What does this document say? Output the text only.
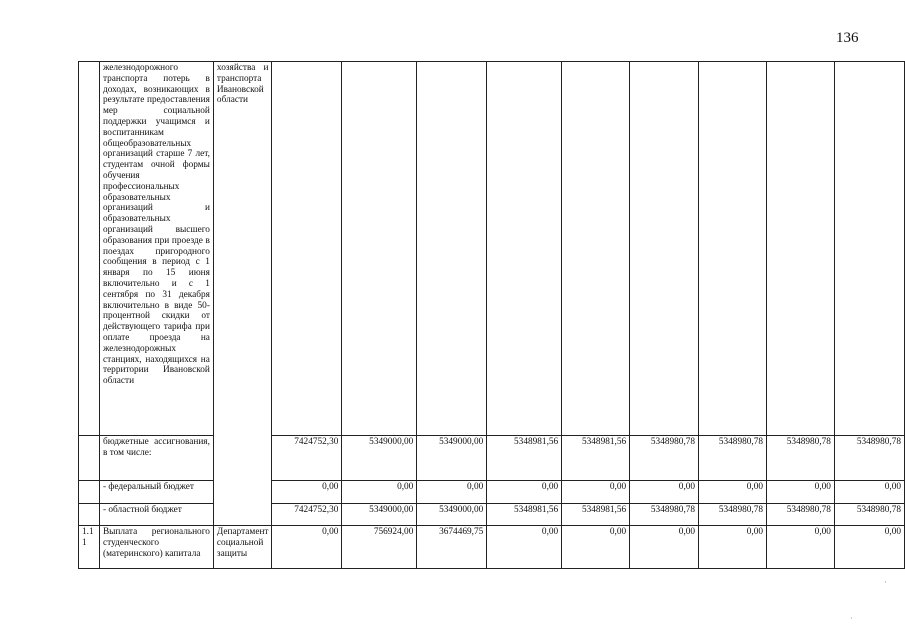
136
	железнодорожного транспорта потерь в доходах, возникающих в результате предоставления мер социальной поддержки учащимся и воспитанникам общеобразовательных организаций старше 7 лет, студентам очной формы обучения профессиональных образовательных организаций и образовательных организаций высшего образования при проезде в поездах пригородного сообщения в период с 1 января по 15 июня включительно и с 1 сентября по 31 декабря включительно в виде 50-процентной скидки от действующего тарифа при оплате проезда на железнодорожных станциях, находящихся на территории Ивановской области	хозяйства и транспорта Ивановской области									
	бюджетные ассигнования, в том числе:		7424752,30	5349000,00	5349000,00	5348981,56	5348981,56	5348980,78	5348980,78	5348980,78	5348980,78
	- федеральный бюджет		0,00	0,00	0,00	0,00	0,00	0,00	0,00	0,00	0,00
	- областной бюджет		7424752,30	5349000,00	5349000,00	5348981,56	5348981,56	5348980,78	5348980,78	5348980,78	5348980,78
1.1 1	Выплата регионального студенческого (материнского) капитала	Департамент социальной защиты	0,00	756924,00	3674469,75	0,00	0,00	0,00	0,00	0,00	0,00
·
·
